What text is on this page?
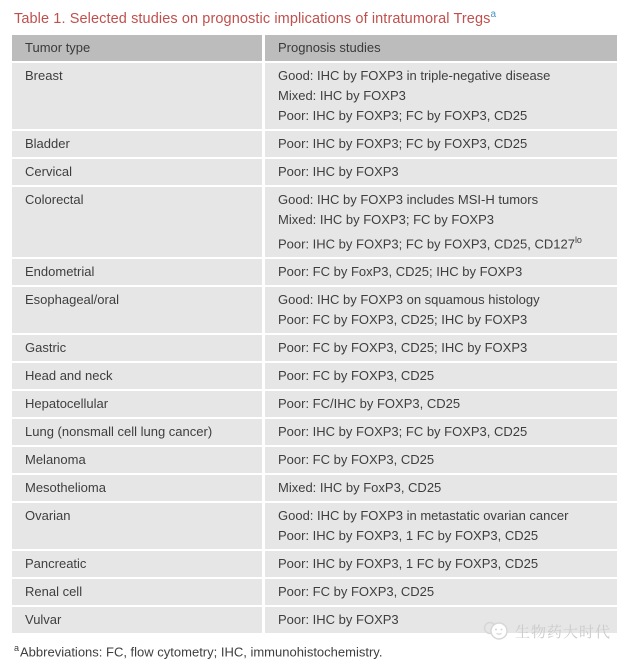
Table 1. Selected studies on prognostic implications of intratumoral Tregs$^a$
Tumor type	Prognosis studies
Breast	Good: IHC by FOXP3 in triple-negative disease
Mixed: IHC by FOXP3
Poor: IHC by FOXP3; FC by FOXP3, CD25
Bladder	Poor: IHC by FOXP3; FC by FOXP3, CD25
Cervical	Poor: IHC by FOXP3
Colorectal	Good: IHC by FOXP3 includes MSI-H tumors
Mixed: IHC by FOXP3; FC by FOXP3
Poor: IHC by FOXP3; FC by FOXP3, CD25, $CD127^{lo}$
Endometrial	Poor: FC by FoxP3, CD25; IHC by FOXP3
Esophageal/oral	Good: IHC by FOXP3 on squamous histology
Poor: FC by FOXP3, CD25; IHC by FOXP3
Gastric	Poor: FC by FOXP3, CD25; IHC by FOXP3
Head and neck	Poor: FC by FOXP3, CD25
Hepatocellular	Poor: FC/IHC by FOXP3, CD25
Lung (nonsmall cell lung cancer)	Poor: IHC by FOXP3; FC by FOXP3, CD25
Melanoma	Poor: FC by FOXP3, CD25
Mesothelioma	Mixed: IHC by FoxP3, CD25
Ovarian	Good: IHC by FOXP3 in metastatic ovarian cancer
Poor: IHC by FOXP3, 1 FC by FOXP3, CD25
Pancreatic	Poor: IHC by FOXP3, 1 FC by FOXP3, CD25
Renal cell	Poor: FC by FOXP3, CD25
Vulvar	Poor: IHC by FOXP3
$^a$Abbreviations: FC, flow cytometry; IHC, immunohistochemistry.
生物药大时代
